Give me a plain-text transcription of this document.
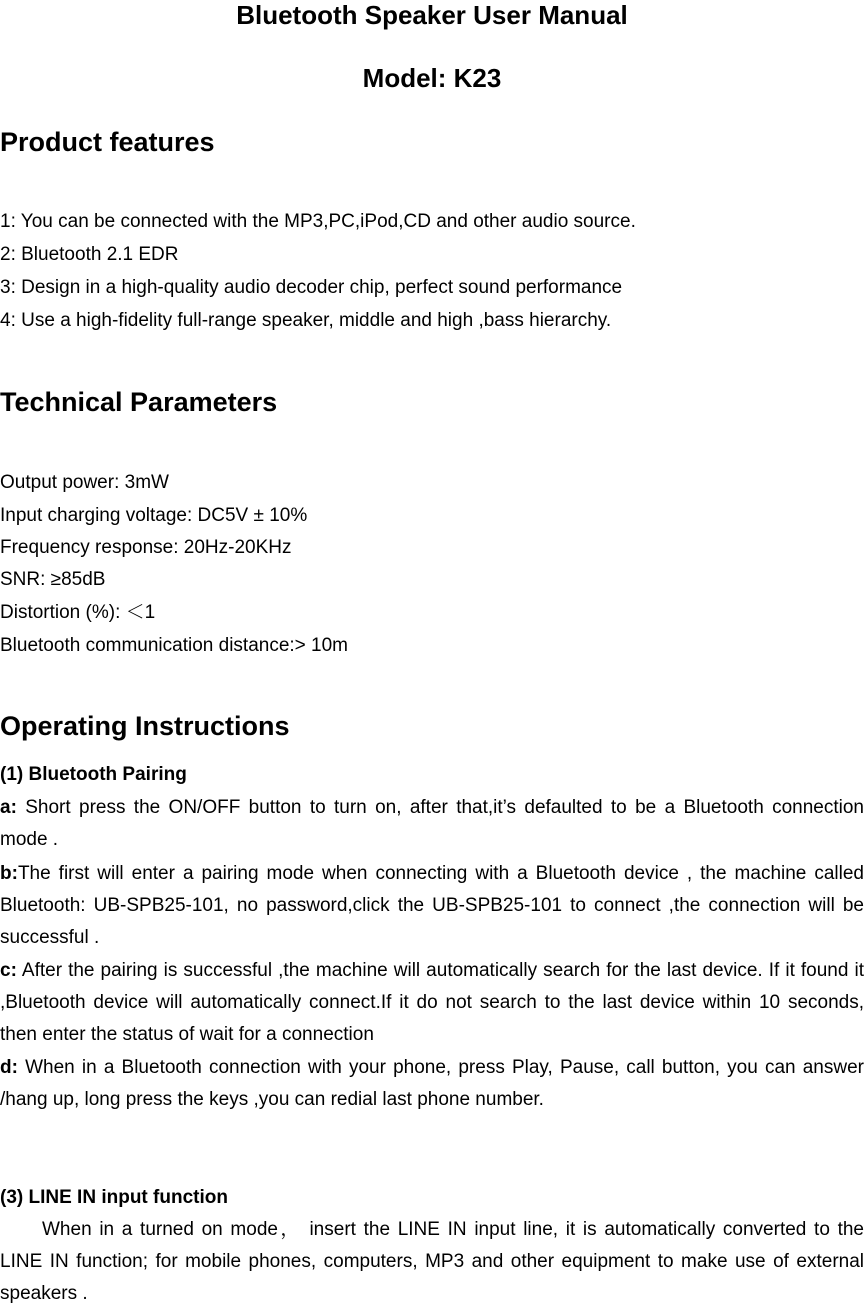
Bluetooth Speaker User Manual
Model: K23
Product features
1: You can be connected with the MP3,PC,iPod,CD and other audio source.
2: Bluetooth 2.1 EDR
3: Design in a high-quality audio decoder chip, perfect sound performance
4: Use a high-fidelity full-range speaker, middle and high ,bass hierarchy.
Technical Parameters
Output power: 3mW
Input charging voltage: DC5V ± 10%
Frequency response: 20Hz-20KHz
SNR: ≥85dB
Distortion (%): ＜1
Bluetooth communication distance:> 10m
Operating Instructions
(1) Bluetooth Pairing
a: Short press the ON/OFF button to turn on, after that,it’s defaulted to be a Bluetooth connection　mode .
b:The first will enter a pairing mode when connecting with a Bluetooth device , the machine called Bluetooth: UB-SPB25-101, no password,click the UB-SPB25-101 to connect ,the connection will be successful .
c: After the pairing is successful ,the machine will automatically search for the last device. If it found it ,Bluetooth device will automatically connect.If it do not search to the last device within 10 seconds, then enter the status of wait for a connection
d: When in a Bluetooth connection with your phone, press Play, Pause, call button, you can answer /hang up, long press the keys ,you can redial last phone number.
(3) LINE IN input function
When in a turned on mode， insert the LINE IN input line, it is automatically converted to the LINE IN function; for mobile phones, computers, MP3 and other equipment to make use of external speakers .
